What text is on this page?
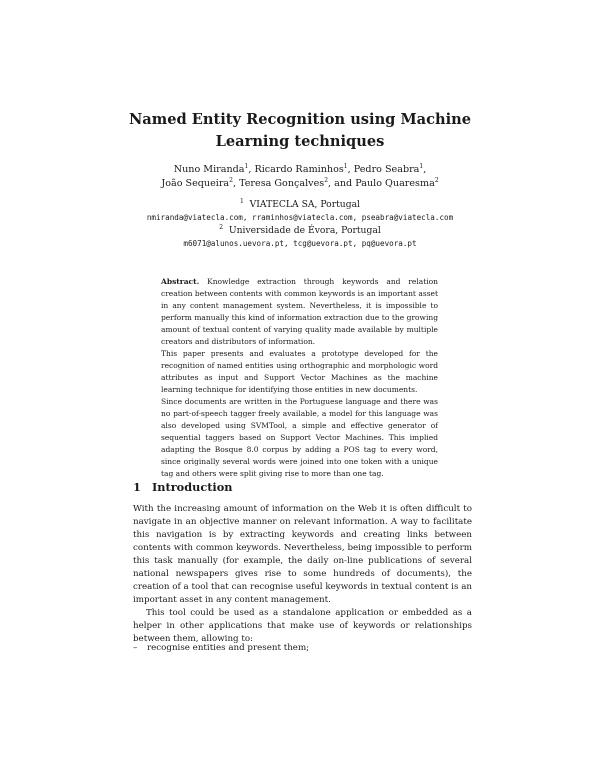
Named Entity Recognition using Machine
Learning techniques
Nuno Miranda$^1$, Ricardo Raminhos$^1$, Pedro Seabra$^1$,
João Sequeira$^2$, Teresa Gonçalves$^2$, and Paulo Quaresma$^2$
$^1$ VIATECLA SA, Portugal
nmiranda@viatecla.com, rraminhos@viatecla.com, pseabra@viatecla.com
$^2$ Universidade de Évora, Portugal
m6071@alunos.uevora.pt, tcg@uevora.pt, pq@uevora.pt

Abstract. Knowledge extraction through keywords and relation creation between contents with common keywords is an important asset in any content management system. Nevertheless, it is impossible to perform manually this kind of information extraction due to the growing amount of textual content of varying quality made available by multiple creators and distributors of information.

This paper presents and evaluates a prototype developed for the recognition of named entities using orthographic and morphologic word attributes as input and Support Vector Machines as the machine learning technique for identifying those entities in new documents.

Since documents are written in the Portuguese language and there was no part-of-speech tagger freely available, a model for this language was also developed using SVMTool, a simple and effective generator of sequential taggers based on Support Vector Machines. This implied adapting the Bosque 8.0 corpus by adding a POS tag to every word, since originally several words were joined into one token with a unique tag and others were split giving rise to more than one tag.

1 Introduction

With the increasing amount of information on the Web it is often difficult to navigate in an objective manner on relevant information. A way to facilitate this navigation is by extracting keywords and creating links between contents with common keywords. Nevertheless, being impossible to perform this task manually (for example, the daily on-line publications of several national newspapers gives rise to some hundreds of documents), the creation of a tool that can recognise useful keywords in textual content is an important asset in any content management.

This tool could be used as a standalone application or embedded as a helper in other applications that make use of keywords or relationships between them, allowing to:

– recognise entities and present them;
